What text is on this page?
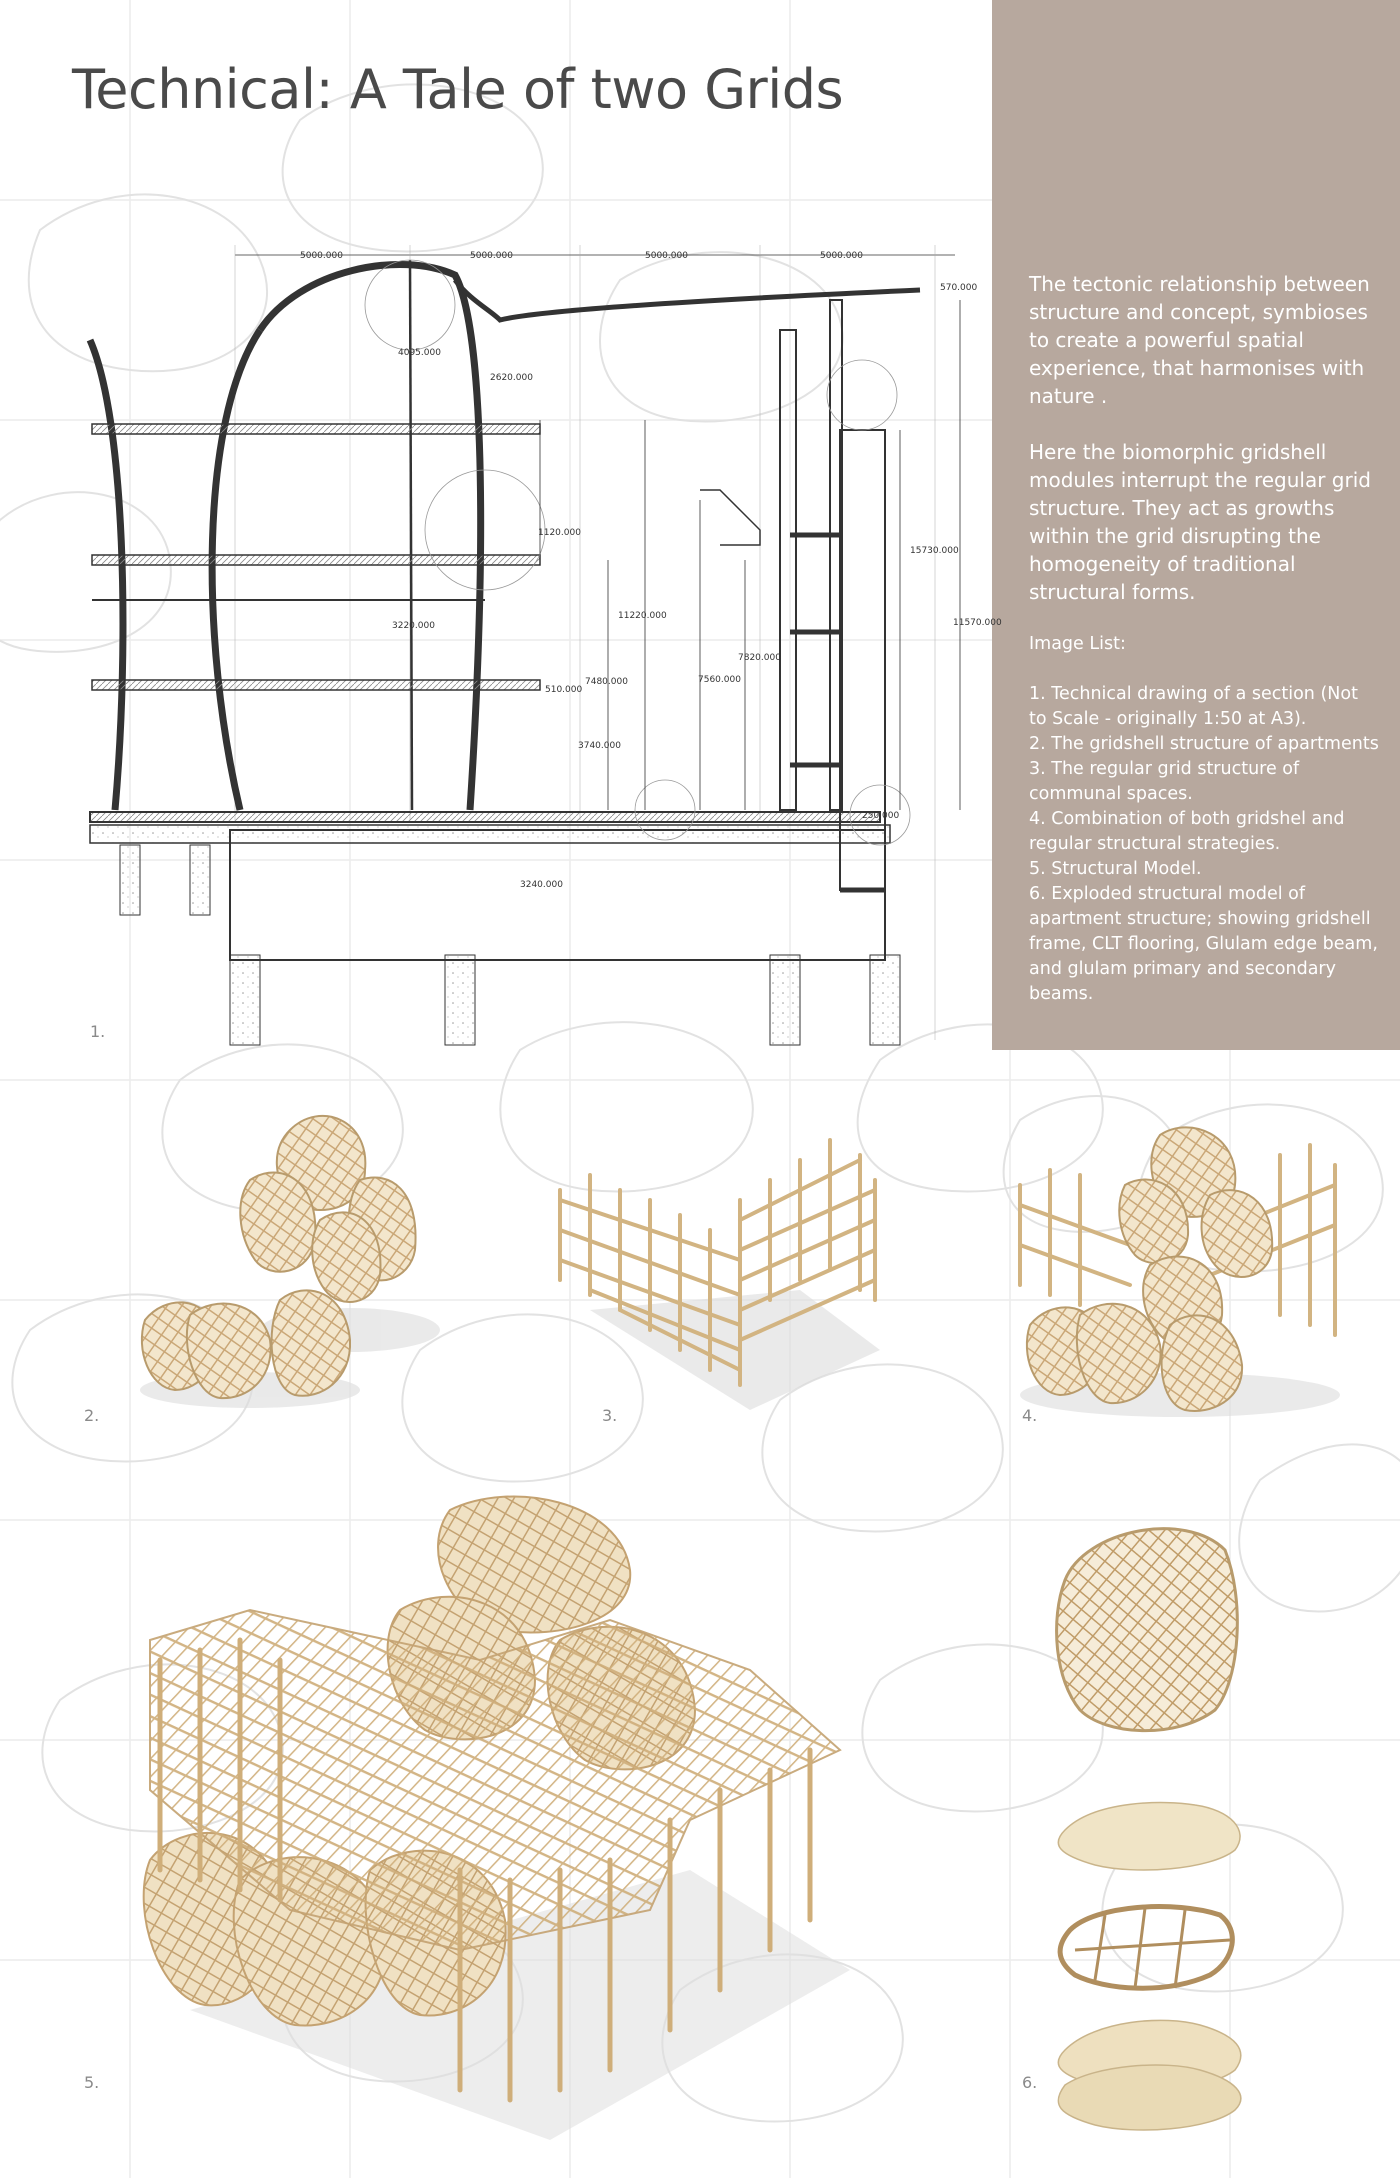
Technical: A Tale of two Grids

The tectonic relationship between structure and concept, symbioses to create a powerful spatial experience, that harmonises with nature .

Here the biomorphic gridshell modules interrupt the regular grid structure. They act as growths within the grid disrupting the homogeneity of traditional structural forms.

Image List:
1. Technical drawing of a section (Not to Scale - originally 1:50 at A3).
2. The gridshell structure of apartments
3. The regular grid structure of communal spaces.
4. Combination of both gridshel and regular structural strategies.
5. Structural Model.
6. Exploded structural model of apartment structure; showing gridshell frame, CLT flooring, Glulam edge beam, and glulam primary and secondary beams.
5000.000	5000.000	5000.000	5000.000
570.000
4095.000
2620.000
1120.000
3220.000
11220.000
7820.000
7480.000	7560.000
510.000
3740.000
15730.000
11570.000
250.000
3240.000
2.	3.	4.
5.	6.
1.
